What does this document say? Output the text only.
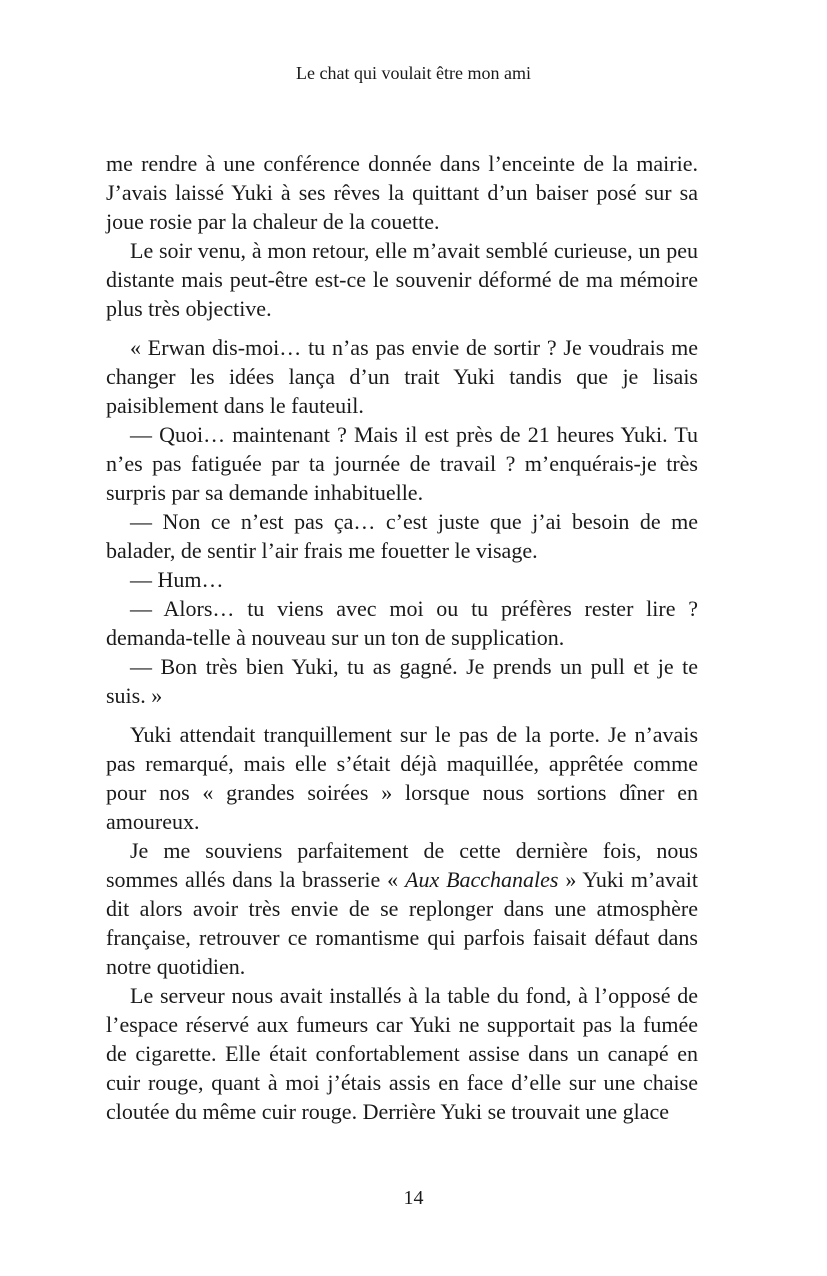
Le chat qui voulait être mon ami

me rendre à une conférence donnée dans l’enceinte de la mairie. J’avais laissé Yuki à ses rêves la quittant d’un baiser posé sur sa joue rosie par la chaleur de la couette.

Le soir venu, à mon retour, elle m’avait semblé curieuse, un peu distante mais peut-être est-ce le souvenir déformé de ma mémoire plus très objective.

« Erwan dis-moi… tu n’as pas envie de sortir ? Je voudrais me changer les idées lança d’un trait Yuki tandis que je lisais paisiblement dans le fauteuil.

— Quoi… maintenant ? Mais il est près de 21 heures Yuki. Tu n’es pas fatiguée par ta journée de travail ? m’enquérais-je très surpris par sa demande inhabituelle.

— Non ce n’est pas ça… c’est juste que j’ai besoin de me balader, de sentir l’air frais me fouetter le visage.

— Hum…

— Alors… tu viens avec moi ou tu préfères rester lire ? demanda-telle à nouveau sur un ton de supplication.

— Bon très bien Yuki, tu as gagné. Je prends un pull et je te suis. »

Yuki attendait tranquillement sur le pas de la porte. Je n’avais pas remarqué, mais elle s’était déjà maquillée, apprêtée comme pour nos « grandes soirées » lorsque nous sortions dîner en amoureux.

Je me souviens parfaitement de cette dernière fois, nous sommes allés dans la brasserie « Aux Bacchanales » Yuki m’avait dit alors avoir très envie de se replonger dans une atmosphère française, retrouver ce romantisme qui parfois faisait défaut dans notre quotidien.

Le serveur nous avait installés à la table du fond, à l’opposé de l’espace réservé aux fumeurs car Yuki ne supportait pas la fumée de cigarette. Elle était confortablement assise dans un canapé en cuir rouge, quant à moi j’étais assis en face d’elle sur une chaise cloutée du même cuir rouge. Derrière Yuki se trouvait une glace

14
